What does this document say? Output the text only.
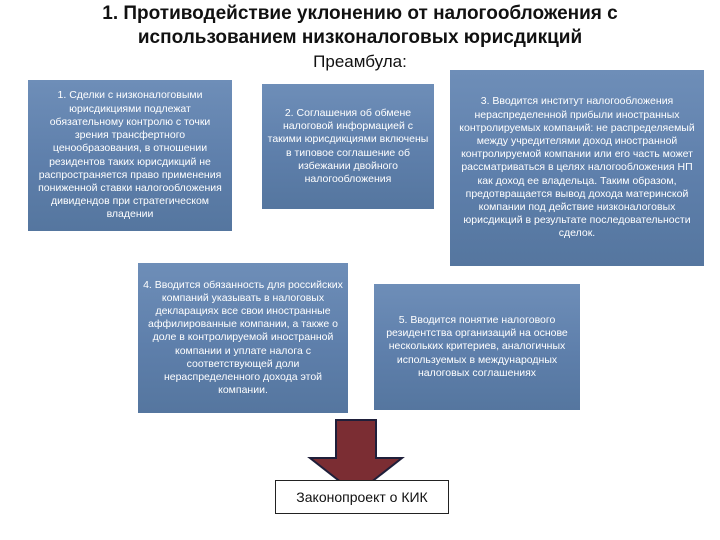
1. Противодействие уклонению от налогообложения с
использованием низконалоговых юрисдикций
Преамбула:
1. Сделки с низконалоговыми юрисдикциями подлежат обязательному контролю с точки зрения трансфертного ценообразования, в отношении резидентов таких юрисдикций не распространяется право применения пониженной ставки налогообложения дивидендов при стратегическом владении
2. Соглашения об обмене налоговой информацией с такими юрисдикциями включены в типовое соглашение об избежании двойного налогообложения
3. Вводится институт налогообложения нераспределенной прибыли иностранных контролируемых компаний: не распределяемый между учредителями доход иностранной контролируемой компании или его часть может рассматриваться в целях налогообложения НП как доход ее владельца. Таким образом, предотвращается вывод дохода материнской компании под действие низконалоговых юрисдикций в результате последовательности сделок.
4. Вводится обязанность для российских компаний указывать в налоговых декларациях все свои иностранные аффилированные компании, а также о доле в контролируемой иностранной компании и уплате налога с соответствующей доли нераспределенного дохода этой компании.
5. Вводится понятие налогового резидентства организаций на основе нескольких критериев, аналогичных используемых в международных налоговых соглашениях
Законопроект о КИК
